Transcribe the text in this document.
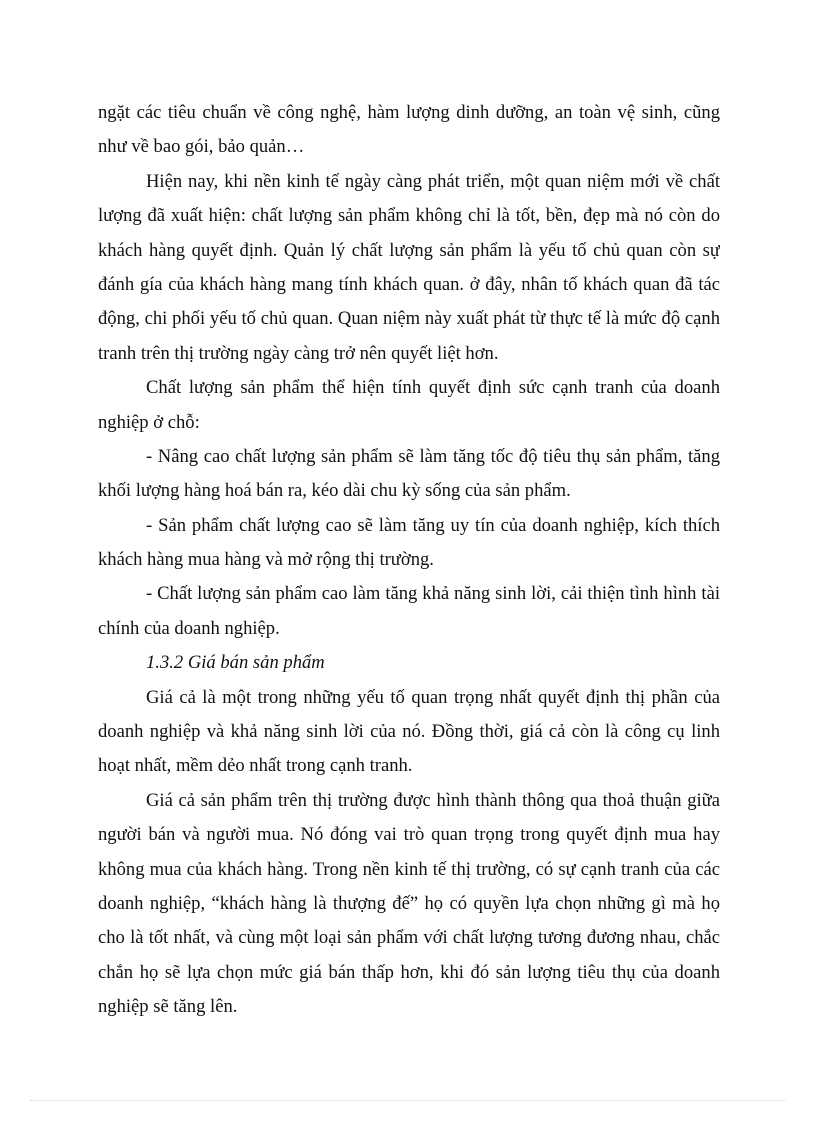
ngặt các tiêu chuẩn về công nghệ, hàm lượng dinh dưỡng, an toàn vệ sinh, cũng
như về bao gói, bảo quản…
Hiện nay, khi nền kinh tế ngày càng phát triển, một quan niệm mới về chất
lượng đã xuất hiện: chất lượng sản phẩm không chỉ là tốt, bền, đẹp mà nó còn do
khách hàng quyết định. Quản lý chất lượng sản phẩm là yếu tố chủ quan còn sự
đánh gía của khách hàng mang tính khách quan. ở đây, nhân tố khách quan đã tác
động, chi phối yếu tố chủ quan. Quan niệm này xuất phát từ thực tế là mức độ cạnh
tranh trên thị trường ngày càng trở nên quyết liệt hơn.
Chất lượng sản phẩm thể hiện tính quyết định sức cạnh tranh của doanh
nghiệp ở chỗ:
- Nâng cao chất lượng sản phẩm sẽ làm tăng tốc độ tiêu thụ sản phẩm, tăng
khối lượng hàng hoá bán ra, kéo dài chu kỳ sống của sản phẩm.
- Sản phẩm chất lượng cao sẽ làm tăng uy tín của doanh nghiệp, kích thích
khách hàng mua hàng và mở rộng thị trường.
- Chất lượng sản phẩm cao làm tăng khả năng sinh lời, cải thiện tình hình tài
chính của doanh nghiệp.
1.3.2 Giá bán sản phẩm
Giá cả là một trong những yếu tố quan trọng nhất quyết định thị phần của
doanh nghiệp và khả năng sinh lời của nó. Đồng thời, giá cả còn là công cụ linh
hoạt nhất, mềm dẻo nhất trong cạnh tranh.
Giá cả sản phẩm trên thị trường được hình thành thông qua thoả thuận giữa
người bán và người mua. Nó đóng vai trò quan trọng trong quyết định mua hay
không mua của khách hàng. Trong nền kinh tế thị trường, có sự cạnh tranh của các
doanh nghiệp, “khách hàng là thượng đế” họ có quyền lựa chọn những gì mà họ
cho là tốt nhất, và cùng một loại sản phẩm với chất lượng tương đương nhau, chắc
chắn họ sẽ lựa chọn mức giá bán thấp hơn, khi đó sản lượng tiêu thụ của doanh
nghiệp sẽ tăng lên.
